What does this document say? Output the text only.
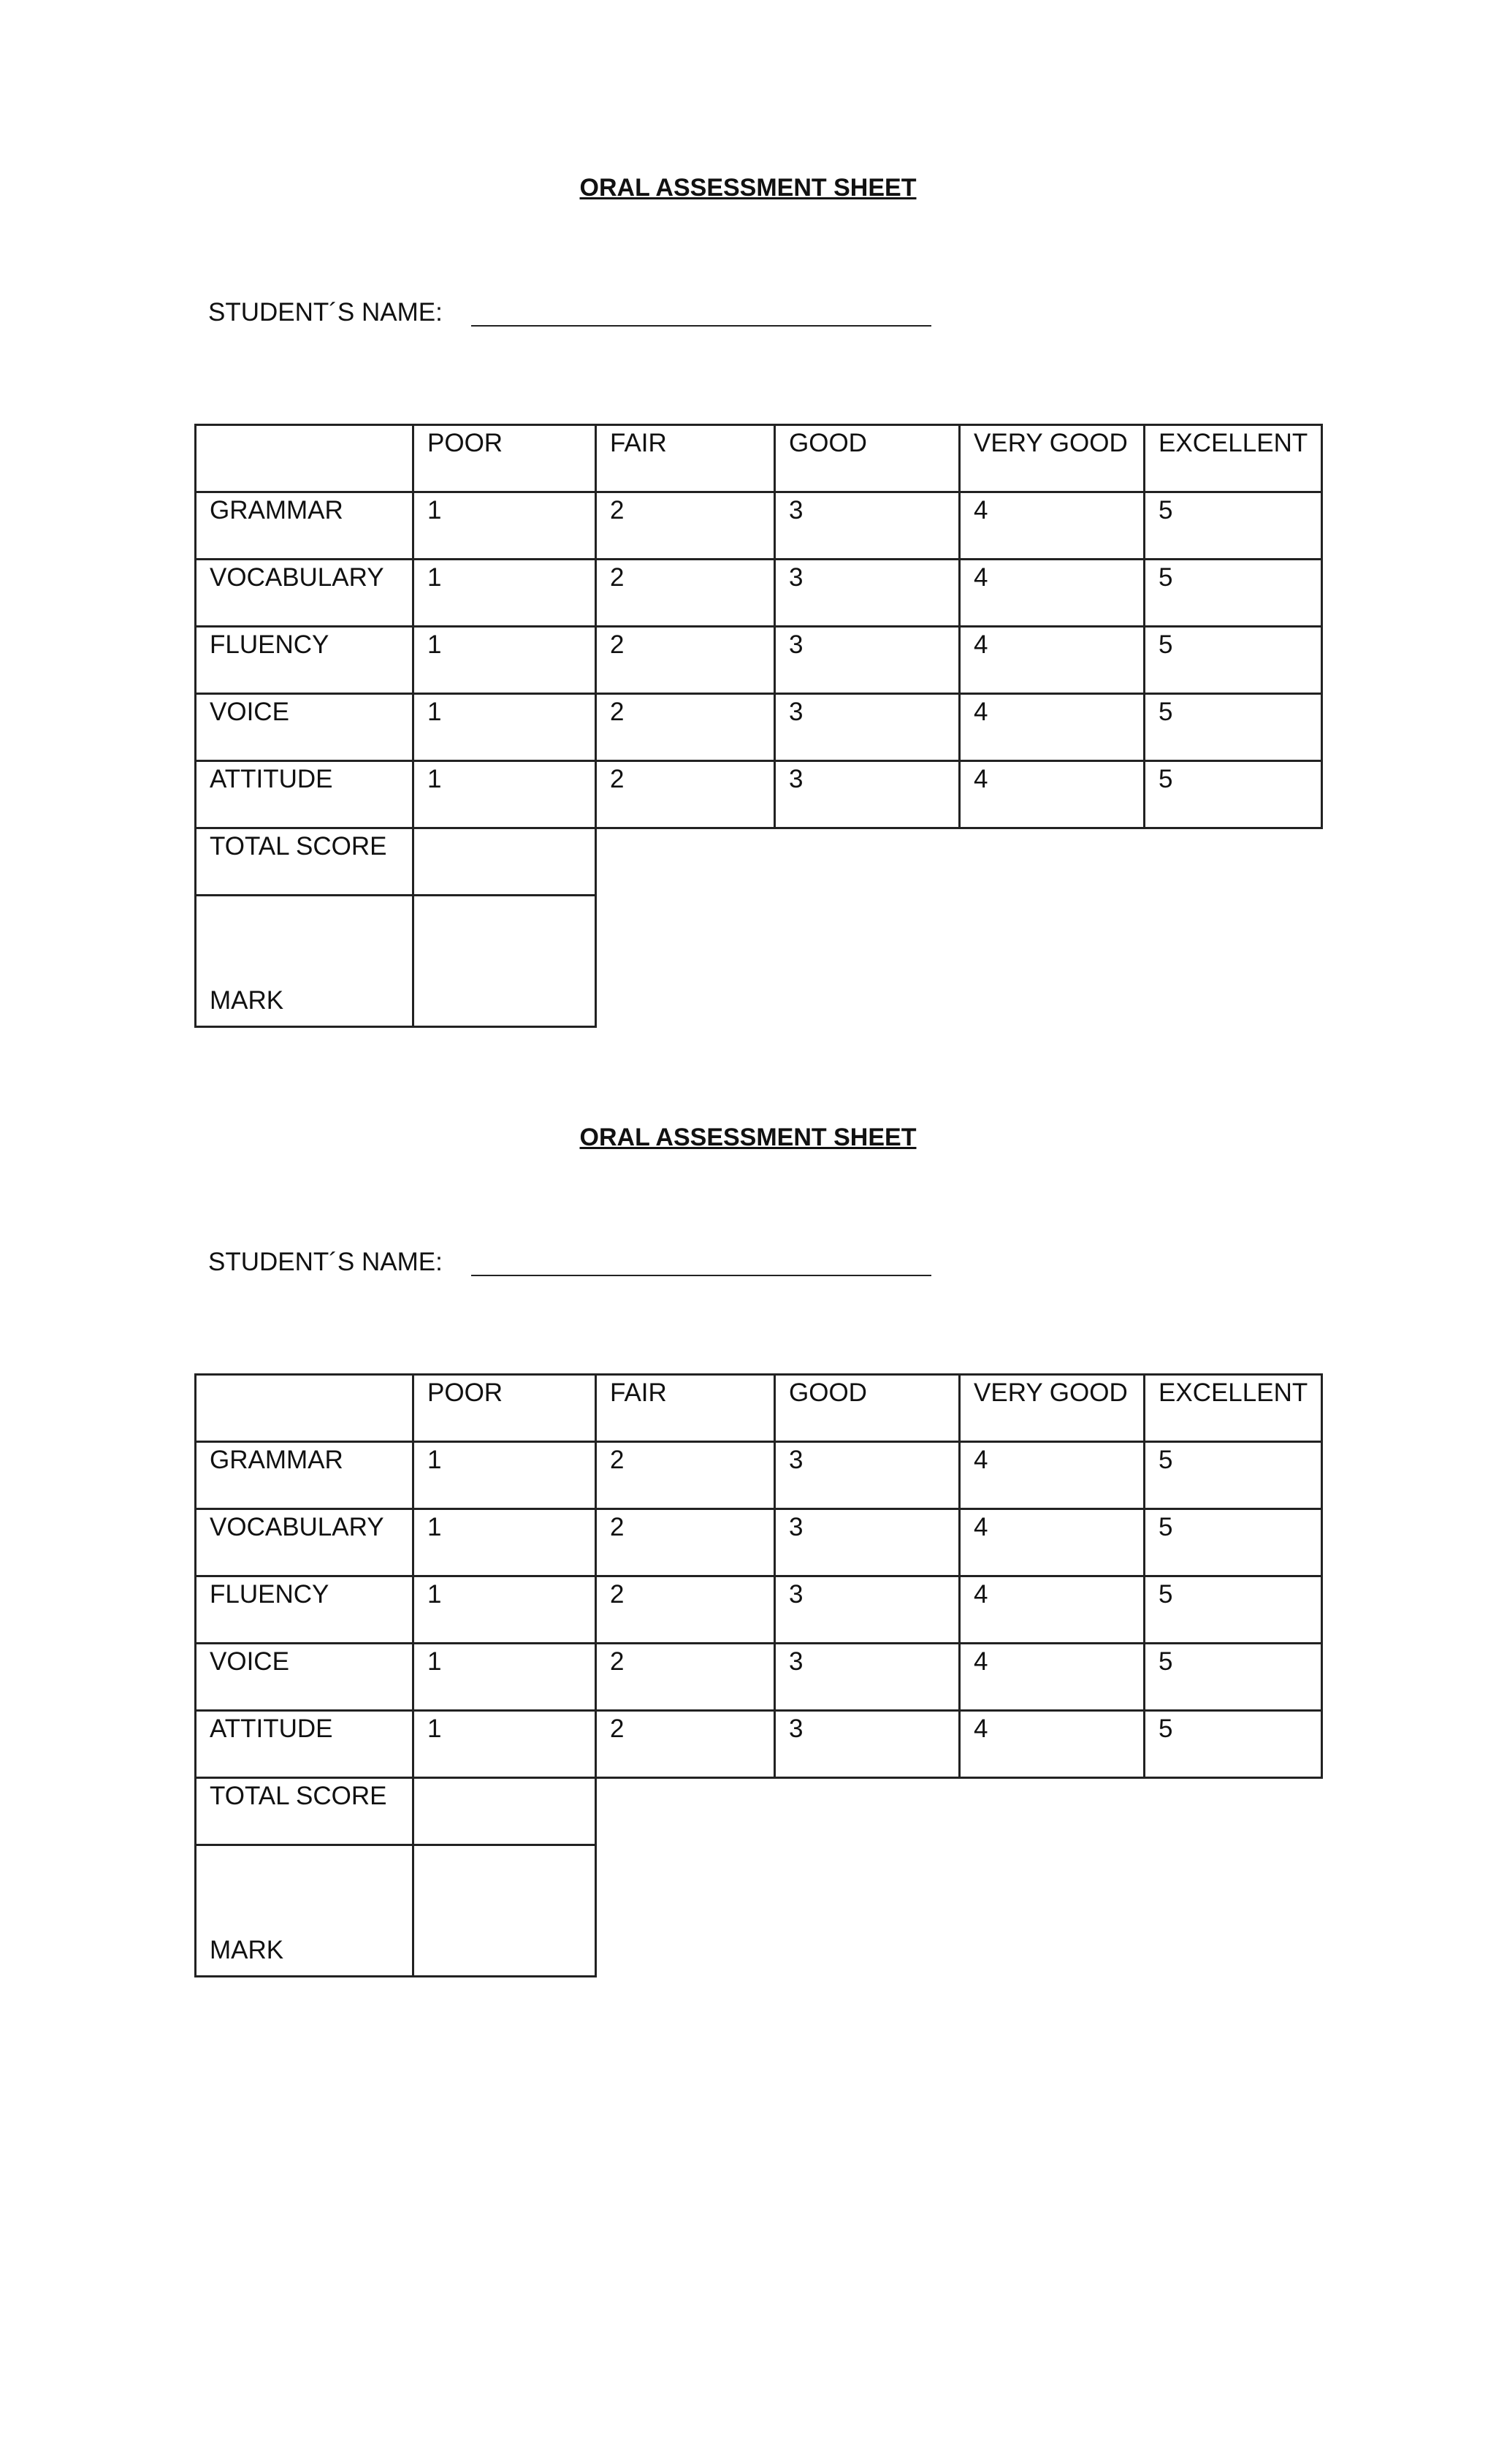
ORAL ASSESSMENT SHEET
STUDENT´S NAME:
	POOR	FAIR	GOOD	VERY GOOD	EXCELLENT
GRAMMAR	1	2	3	4	5
VOCABULARY	1	2	3	4	5
FLUENCY	1	2	3	4	5
VOICE	1	2	3	4	5
ATTITUDE	1	2	3	4	5
TOTAL SCORE					
MARK					
ORAL ASSESSMENT SHEET
STUDENT´S NAME:
	POOR	FAIR	GOOD	VERY GOOD	EXCELLENT
GRAMMAR	1	2	3	4	5
VOCABULARY	1	2	3	4	5
FLUENCY	1	2	3	4	5
VOICE	1	2	3	4	5
ATTITUDE	1	2	3	4	5
TOTAL SCORE					
MARK					
